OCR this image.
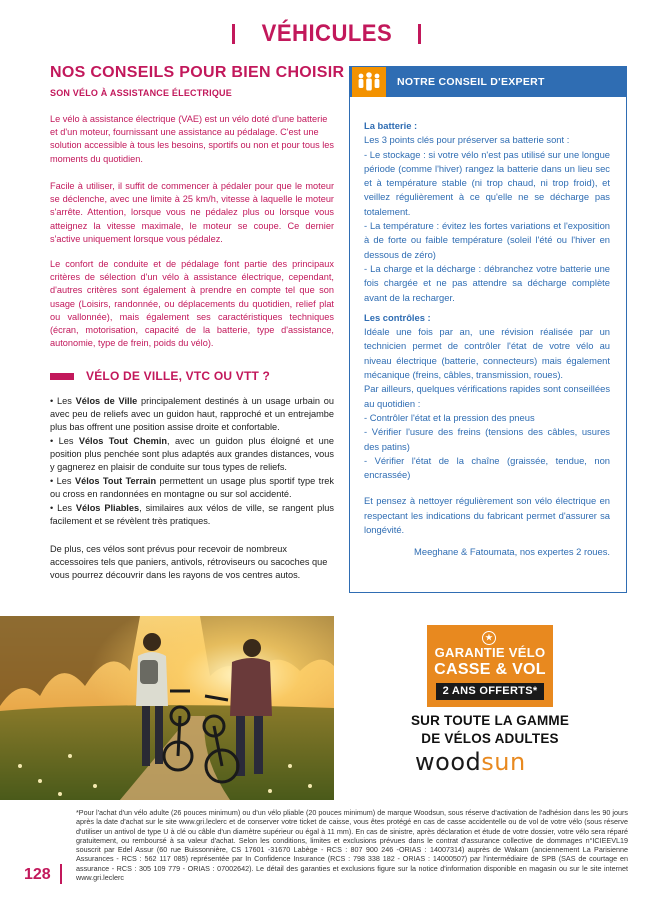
VÉHICULES
NOS CONSEILS POUR BIEN CHOISIR
SON VÉLO À ASSISTANCE ÉLECTRIQUE

Le vélo à assistance électrique (VAE) est un vélo doté d'une batterie et d'un moteur, fournissant une assistance au pédalage. C'est une solution accessible à tous les besoins, sportifs ou non et pour tous les moments du quotidien.

Facile à utiliser, il suffit de commencer à pédaler pour que le moteur se déclenche, avec une limite à 25 km/h, vitesse à laquelle le moteur s'arrête. Attention, lorsque vous ne pédalez plus ou lorsque vous atteignez la vitesse maximale, le moteur se coupe. Ce dernier s'active uniquement lorsque vous pédalez.

Le confort de conduite et de pédalage font partie des principaux critères de sélection d'un vélo à assistance électrique, cependant, d'autres critères sont également à prendre en compte tel que son usage (Loisirs, randonnée, ou déplacements du quotidien, relief plat ou vallonnée), mais également ses caractéristiques techniques (écran, motorisation, capacité de la batterie, type d'assistance, autonomie, type de frein, poids du vélo).

VÉLO DE VILLE, VTC OU VTT ?

• Les Vélos de Ville principalement destinés à un usage urbain ou avec peu de reliefs avec un guidon haut, rapproché et un entrejambe plus bas offrent une position assise droite et confortable.

• Les Vélos Tout Chemin, avec un guidon plus éloigné et une position plus penchée sont plus adaptés aux grandes distances, vous y gagnerez en plaisir de conduite sur tous types de reliefs.

• Les Vélos Tout Terrain permettent un usage plus sportif type trek ou cross en randonnées en montagne ou sur sol accidenté.

• Les Vélos Pliables, similaires aux vélos de ville, se rangent plus facilement et se révèlent très pratiques.

De plus, ces vélos sont prévus pour recevoir de nombreux accessoires tels que paniers, antivols, rétroviseurs ou sacoches que vous pourrez découvrir dans les rayons de vos centres autos.

NOTRE CONSEIL D'EXPERT
La batterie :
Les 3 points clés pour préserver sa batterie sont :
- Le stockage : si votre vélo n'est pas utilisé sur une longue période (comme l'hiver) rangez la batterie dans un lieu sec et à température stable (ni trop chaud, ni trop froid), et veillez régulièrement à ce qu'elle ne se décharge pas totalement.
- La température : évitez les fortes variations et l'exposition à de forte ou faible température (soleil l'été ou l'hiver en dessous de zéro)
- La charge et la décharge : débranchez votre batterie une fois chargée et ne pas attendre sa décharge complète avant de la recharger.
Les contrôles :
Idéale une fois par an, une révision réalisée par un technicien permet de contrôler l'état de votre vélo au niveau électrique (batterie, connecteurs) mais également mécanique (freins, câbles, transmission, roues).
Par ailleurs, quelques vérifications rapides sont conseillées au quotidien :
- Contrôler l'état et la pression des pneus
- Vérifier l'usure des freins (tensions des câbles, usures des patins)
- Vérifier l'état de la chaîne (graissée, tendue, non encrassée)
Et pensez à nettoyer régulièrement son vélo électrique en respectant les indications du fabricant permet d'assurer sa longévité.
Meeghane & Fatoumata, nos expertes 2 roues.
★
GARANTIE VÉLO
CASSE & VOL
2 ANS OFFERTS*
SUR TOUTE LA GAMME
DE VÉLOS ADULTES
woodsun

*Pour l'achat d'un vélo adulte (26 pouces minimum) ou d'un vélo pliable (20 pouces minimum) de marque Woodsun, sous réserve d'activation de l'adhésion dans les 90 jours après la date d'achat sur le site www.gri.leclerc et de conserver votre ticket de caisse, vous êtes protégé en cas de casse accidentelle ou de vol de votre vélo (sous réserve d'utiliser un antivol de type U à clé ou câble d'un diamètre supérieur ou égal à 11 mm). En cas de sinistre, après déclaration et étude de votre dossier, votre vélo sera réparé gratuitement, ou remboursé à sa valeur d'achat. Selon les conditions, limites et exclusions prévues dans le contrat d'assurance collective de dommages n°ICIEEVL19 souscrit par Edel Assur (60 rue Buissonnière, CS 17601 -31670 Labège - RCS : 807 900 246 -ORIAS : 14007314) auprès de Wakam (anciennement La Parisienne Assurances - RCS : 562 117 085) représentée par In Confidence Insurance (RCS : 798 338 182 - ORIAS : 14000507) par l'intermédiaire de SPB (SAS de courtage en assurance - RCS : 305 109 779 - ORIAS : 07002642). Le détail des garanties et exclusions figure sur la notice d'information disponible en magasin ou sur le site internet www.gri.leclerc

128
